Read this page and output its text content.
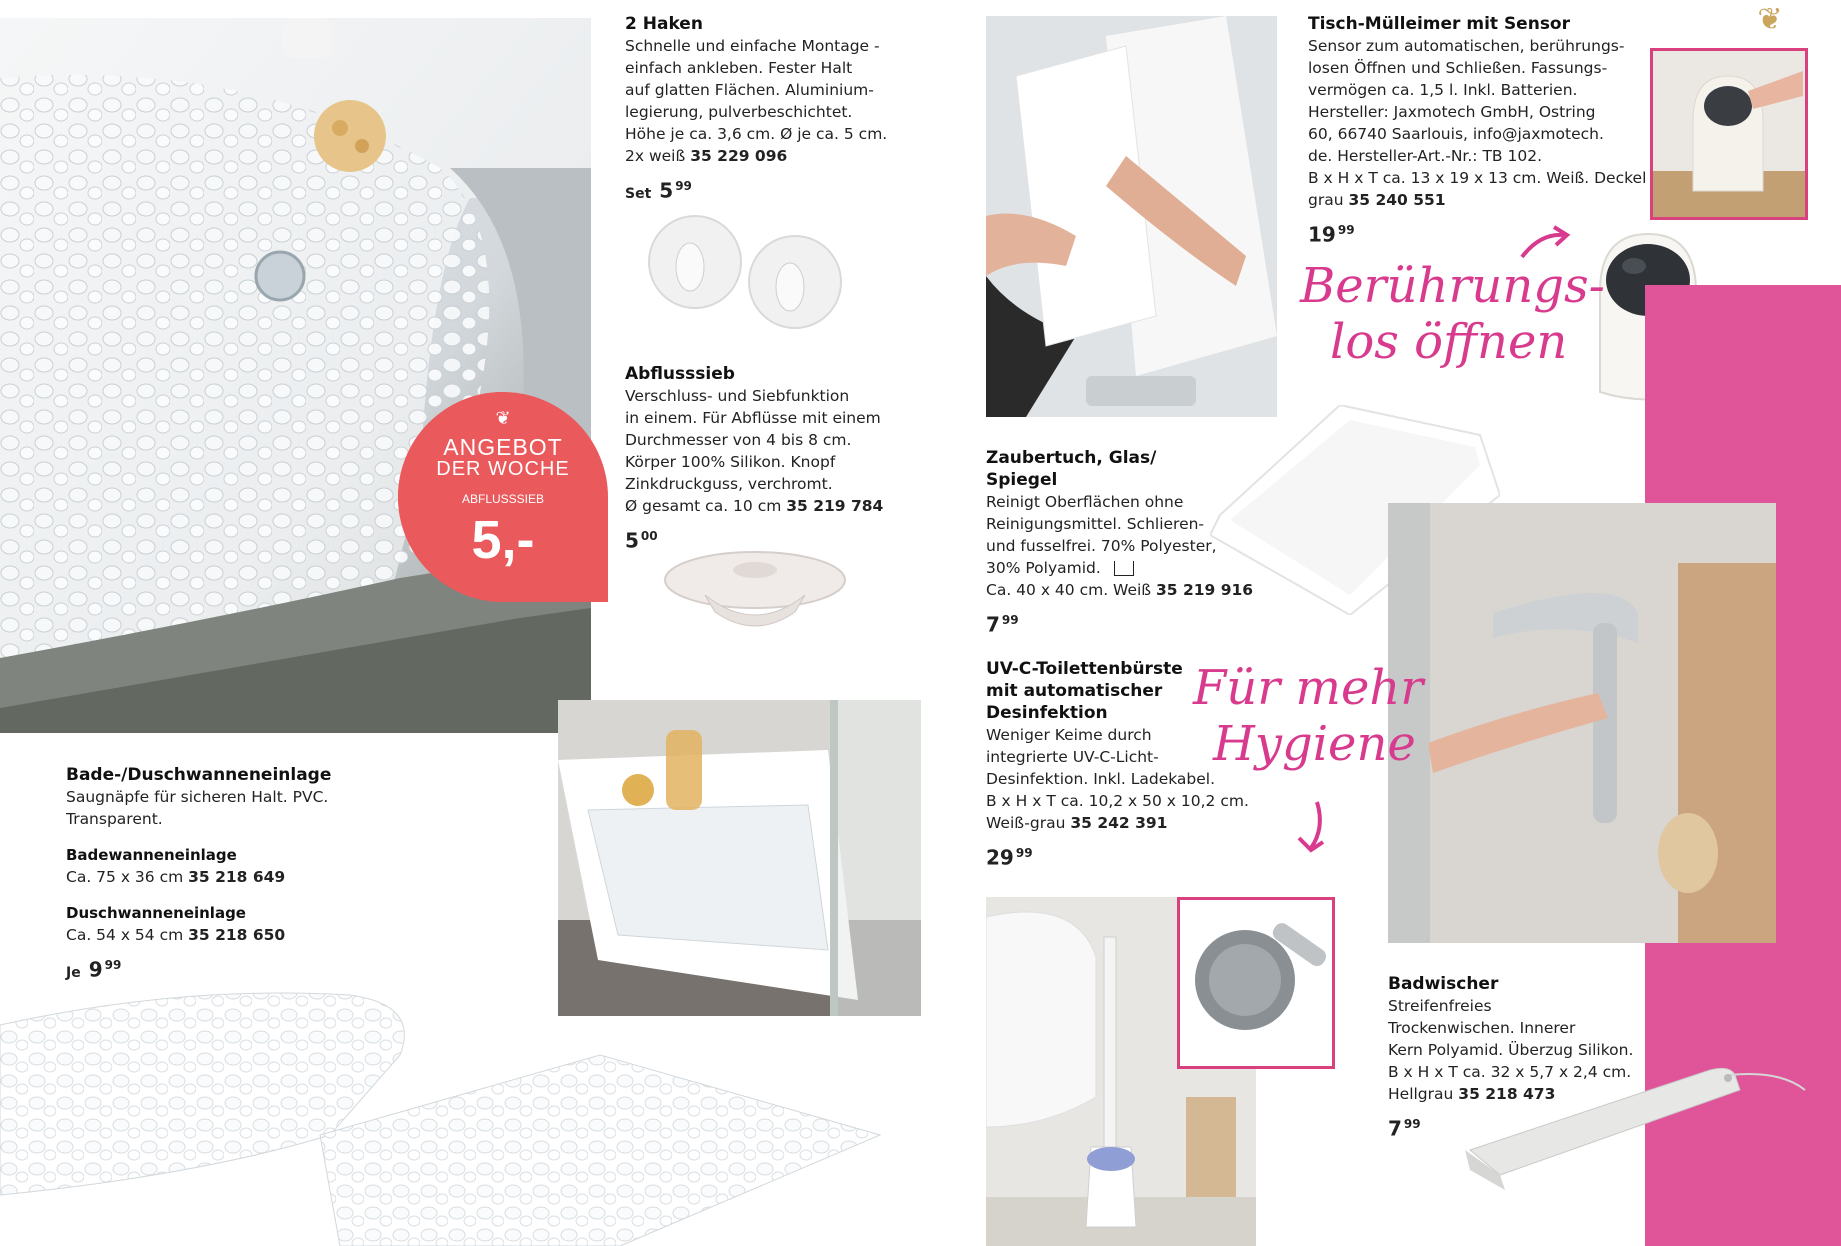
❦
ANGEBOT
DER WOCHE
ABFLUSSSIEB
5,-
2 Haken
Schnelle und einfache Montage -
einfach ankleben. Fester Halt
auf glatten Flächen. Aluminium-
legierung, pulverbeschichtet.
Höhe je ca. 3,6 cm. Ø je ca. 5 cm.
2x weiß 35 229 096
Set 5 $^{99}$
Abflusssieb
Verschluss- und Siebfunktion
in einem. Für Abflüsse mit einem
Durchmesser von 4 bis 8 cm.
Körper 100% Silikon. Knopf
Zinkdruckguss, verchromt.
Ø gesamt ca. 10 cm 35 219 784
5 $^{00}$
Bade-/Duschwanneneinlage
Saugnäpfe für sicheren Halt. PVC.
Transparent.
Badewanneneinlage
Ca. 75 x 36 cm 35 218 649
Duschwanneneinlage
Ca. 54 x 54 cm 35 218 650
Je 9 $^{99}$
Tisch-Mülleimer mit Sensor
Sensor zum automatischen, berührungs-
losen Öffnen und Schließen. Fassungs-
vermögen ca. 1,5 l. Inkl. Batterien.
Hersteller: Jaxmotech GmbH, Ostring
60, 66740 Saarlouis, info@jaxmotech.
de. Hersteller-Art.-Nr.: TB 102.
B x H x T ca. 13 x 19 x 13 cm. Weiß. Deckel
grau 35 240 551
19 $^{99}$
❦
Berührungs-
los öffnen
Zaubertuch, Glas/
Spiegel
Reinigt Oberflächen ohne
Reinigungsmittel. Schlieren-
und fusselfrei. 70% Polyester,
30% Polyamid.
Ca. 40 x 40 cm. Weiß 35 219 916
7 $^{99}$
UV-C-Toilettenbürste
mit automatischer
Desinfektion
Weniger Keime durch
integrierte UV-C-Licht-
Desinfektion. Inkl. Ladekabel.
B x H x T ca. 10,2 x 50 x 10,2 cm.
Weiß-grau 35 242 391
29 $^{99}$
Für mehr
Hygiene
Badwischer
Streifenfreies
Trockenwischen. Innerer
Kern Polyamid. Überzug Silikon.
B x H x T ca. 32 x 5,7 x 2,4 cm.
Hellgrau 35 218 473
7 $^{99}$
